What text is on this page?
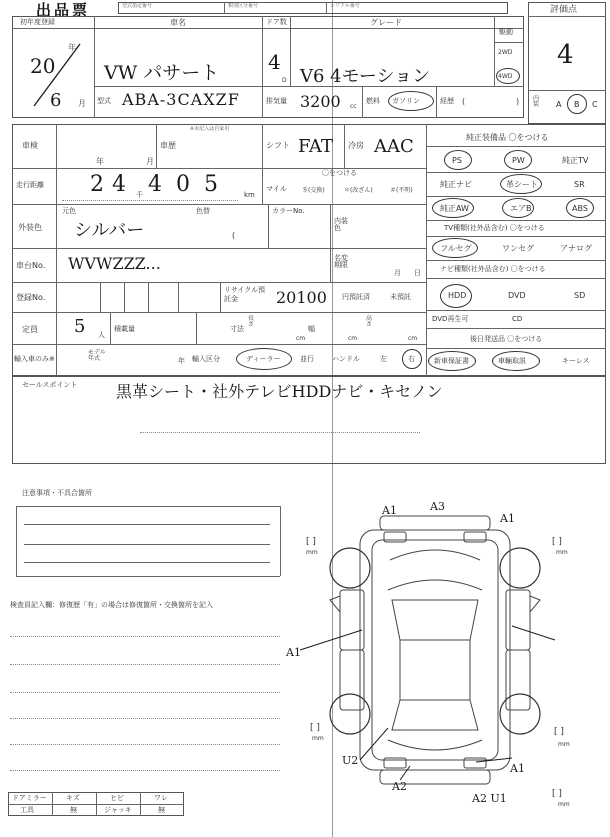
出品票	型式指定番号	類別区分番号	シリアル番号	評価点
4
初年度登録
20
年
6 月
車名
VW パサート
ドア数
4
D
グレード
V6 4モーション
駆動
2WD
4WD
型式 ABA-3CAXZF	排気量 3200 cc
燃料 ガソリン	経歴 (	) 内装 A B C
車検
年	月
車歴
※未記入は自家用
シフト FAT 冷房 AAC
走行距離 2 4 千 4 0 5	km
マイル
〇をつける
＄(交換)	＊(改ざん)	＃(不明)
外装色
元色	色替
シルバー	(
カラーNo.
内装色
車台No. WVWZZZ...	名変期限
月 日
登録No.
リサイクル預託金	20100 円預託済	未預託
定員 5 人
積載量	寸法
長さ
cm
幅
cm
高さ
cm
輸入車のみ※
モデル年式	年 輸入区分	ディーラー	並行	ハンドル	左	右
純正装備品 〇をつける
PS	PW	純正TV
純正ナビ	革シート	SR
純正AW	エアB	ABS
TV種類(社外品含む) 〇をつける
フルセグ	ワンセグ	アナログ
ナビ種類(社外品含む) 〇をつける
HDD	DVD	SD
DVD再生可	CD
後日発送品 〇をつける
新車保証書	車輛取説	キーレス
セールスポイント 黒革シート・社外テレビHDDナビ・キセノン
注意事項・不具合箇所
検査員記入欄：修復歴「有」の場合は修復箇所・交換箇所を記入
ドアミラー	キズ	ヒビ	ワレ
工具	無	ジャッキ	無
[ ]	[ ]
[ ]	[ ]
[ ]
mm	mm
mm
mm
mm
A1	A3
A1
A1
U2
A2
A1
A2 U1
